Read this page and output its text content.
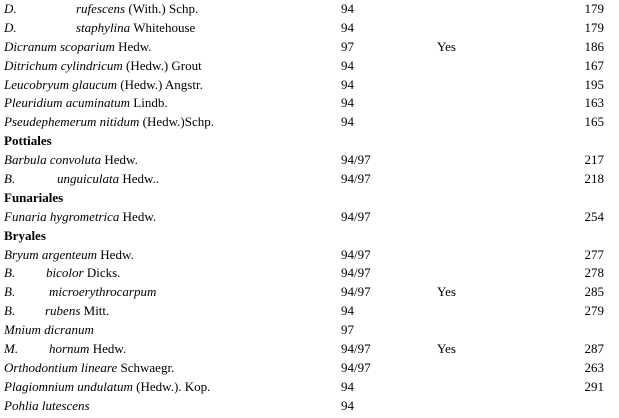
D.	rufescens (With.) Schp.	94	179
D.	staphylina Whitehouse	94	179
Dicranum scoparium Hedw.	97	Yes	186
Ditrichum cylindricum (Hedw.) Grout	94	167
Leucobryum glaucum (Hedw.) Angstr.	94	195
Pleuridium acuminatum Lindb.	94	163
Pseudephemerum nitidum (Hedw.)Schp.	94	165
Pottiales
Barbula convoluta Hedw.	94/97	217
B.	unguiculata Hedw..	94/97	218
Funariales
Funaria hygrometrica Hedw.	94/97	254
Bryales
Bryum argenteum Hedw.	94/97	277
B. bicolor Dicks.	94/97	278
B.	microerythrocarpum	94/97	Yes	285
B. rubens Mitt.	94	279
Mnium dicranum	97
M. hornum Hedw.	94/97	Yes	287
Orthodontium lineare Schwaegr.	94/97	263
Plagiomnium undulatum (Hedw.). Kop.	94	291
Pohlia lutescens	94
